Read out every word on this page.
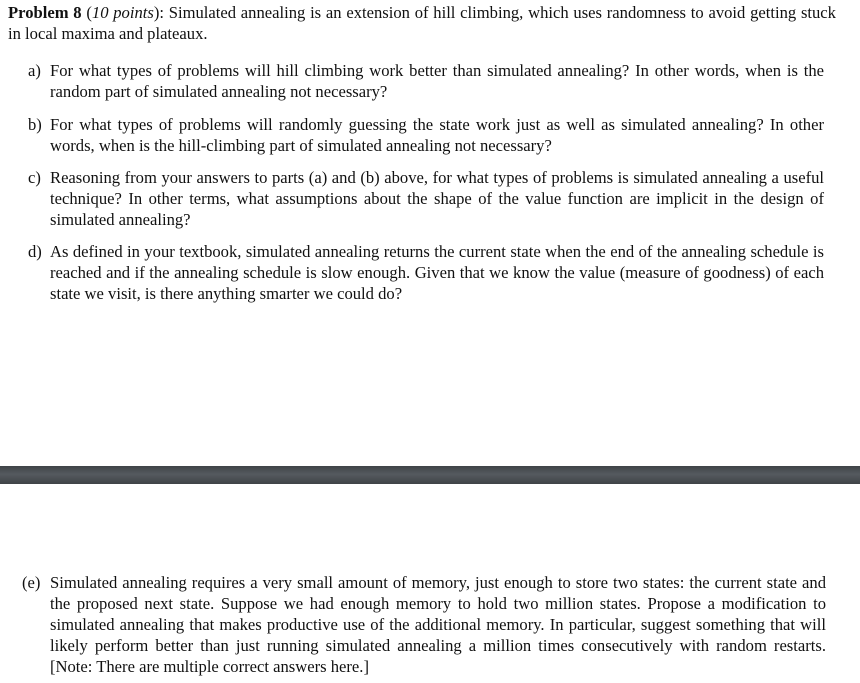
Problem 8 (10 points): Simulated annealing is an extension of hill climbing, which uses randomness to avoid getting stuck in local maxima and plateaux.
a) For what types of problems will hill climbing work better than simulated annealing? In other words, when is the random part of simulated annealing not necessary?
b) For what types of problems will randomly guessing the state work just as well as simulated annealing? In other words, when is the hill-climbing part of simulated annealing not necessary?
c) Reasoning from your answers to parts (a) and (b) above, for what types of problems is simulated annealing a useful technique? In other terms, what assumptions about the shape of the value function are implicit in the design of simulated annealing?
d) As defined in your textbook, simulated annealing returns the current state when the end of the annealing schedule is reached and if the annealing schedule is slow enough. Given that we know the value (measure of goodness) of each state we visit, is there anything smarter we could do?
(e) Simulated annealing requires a very small amount of memory, just enough to store two states: the current state and the proposed next state. Suppose we had enough memory to hold two million states. Propose a modification to simulated annealing that makes productive use of the additional memory. In particular, suggest something that will likely perform better than just running simulated annealing a million times consecutively with random restarts. [Note: There are multiple correct answers here.]
